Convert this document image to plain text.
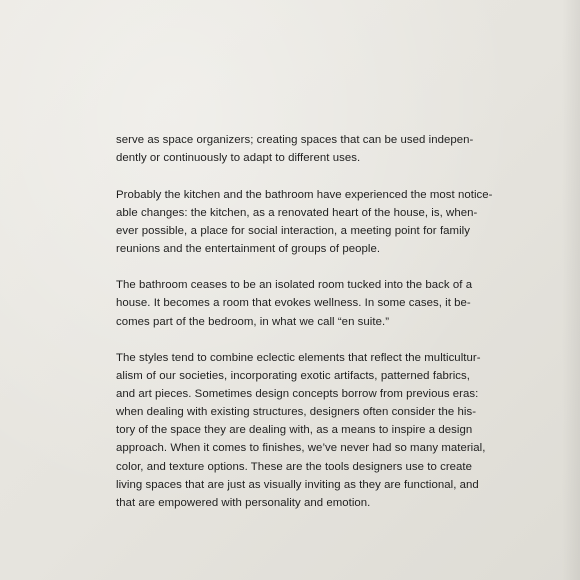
serve as space organizers; creating spaces that can be used indepen-
dently or continuously to adapt to different uses.

Probably the kitchen and the bathroom have experienced the most notice-
able changes: the kitchen, as a renovated heart of the house, is, when-
ever possible, a place for social interaction, a meeting point for family
reunions and the entertainment of groups of people.

The bathroom ceases to be an isolated room tucked into the back of a
house. It becomes a room that evokes wellness. In some cases, it be-
comes part of the bedroom, in what we call “en suite.”

The styles tend to combine eclectic elements that reflect the multicultur-
alism of our societies, incorporating exotic artifacts, patterned fabrics,
and art pieces. Sometimes design concepts borrow from previous eras:
when dealing with existing structures, designers often consider the his-
tory of the space they are dealing with, as a means to inspire a design
approach. When it comes to finishes, we’ve never had so many material,
color, and texture options. These are the tools designers use to create
living spaces that are just as visually inviting as they are functional, and
that are empowered with personality and emotion.
